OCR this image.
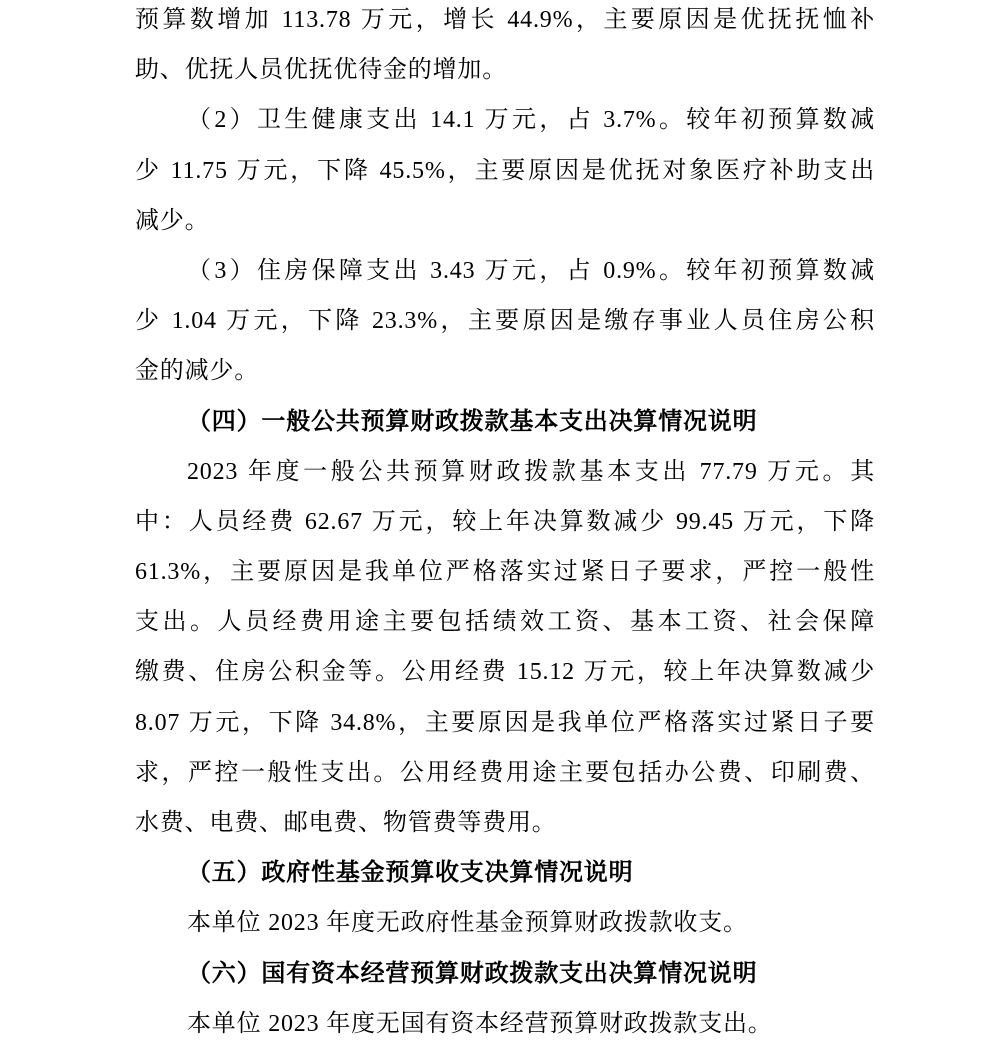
预算数增加 113.78 万元，增长 44.9%，主要原因是优抚抚恤补
助、优抚人员优抚优待金的增加。
（2）卫生健康支出 14.1 万元，占 3.7%。较年初预算数减
少 11.75 万元，下降 45.5%，主要原因是优抚对象医疗补助支出
减少。
（3）住房保障支出 3.43 万元，占 0.9%。较年初预算数减
少 1.04 万元，下降 23.3%，主要原因是缴存事业人员住房公积
金的减少。
（四）一般公共预算财政拨款基本支出决算情况说明
2023 年度一般公共预算财政拨款基本支出 77.79 万元。其
中：人员经费 62.67 万元，较上年决算数减少 99.45 万元，下降
61.3%，主要原因是我单位严格落实过紧日子要求，严控一般性
支出。人员经费用途主要包括绩效工资、基本工资、社会保障
缴费、住房公积金等。公用经费 15.12 万元，较上年决算数减少
8.07 万元，下降 34.8%，主要原因是我单位严格落实过紧日子要
求，严控一般性支出。公用经费用途主要包括办公费、印刷费、
水费、电费、邮电费、物管费等费用。
（五）政府性基金预算收支决算情况说明
本单位 2023 年度无政府性基金预算财政拨款收支。
（六）国有资本经营预算财政拨款支出决算情况说明
本单位 2023 年度无国有资本经营预算财政拨款支出。
